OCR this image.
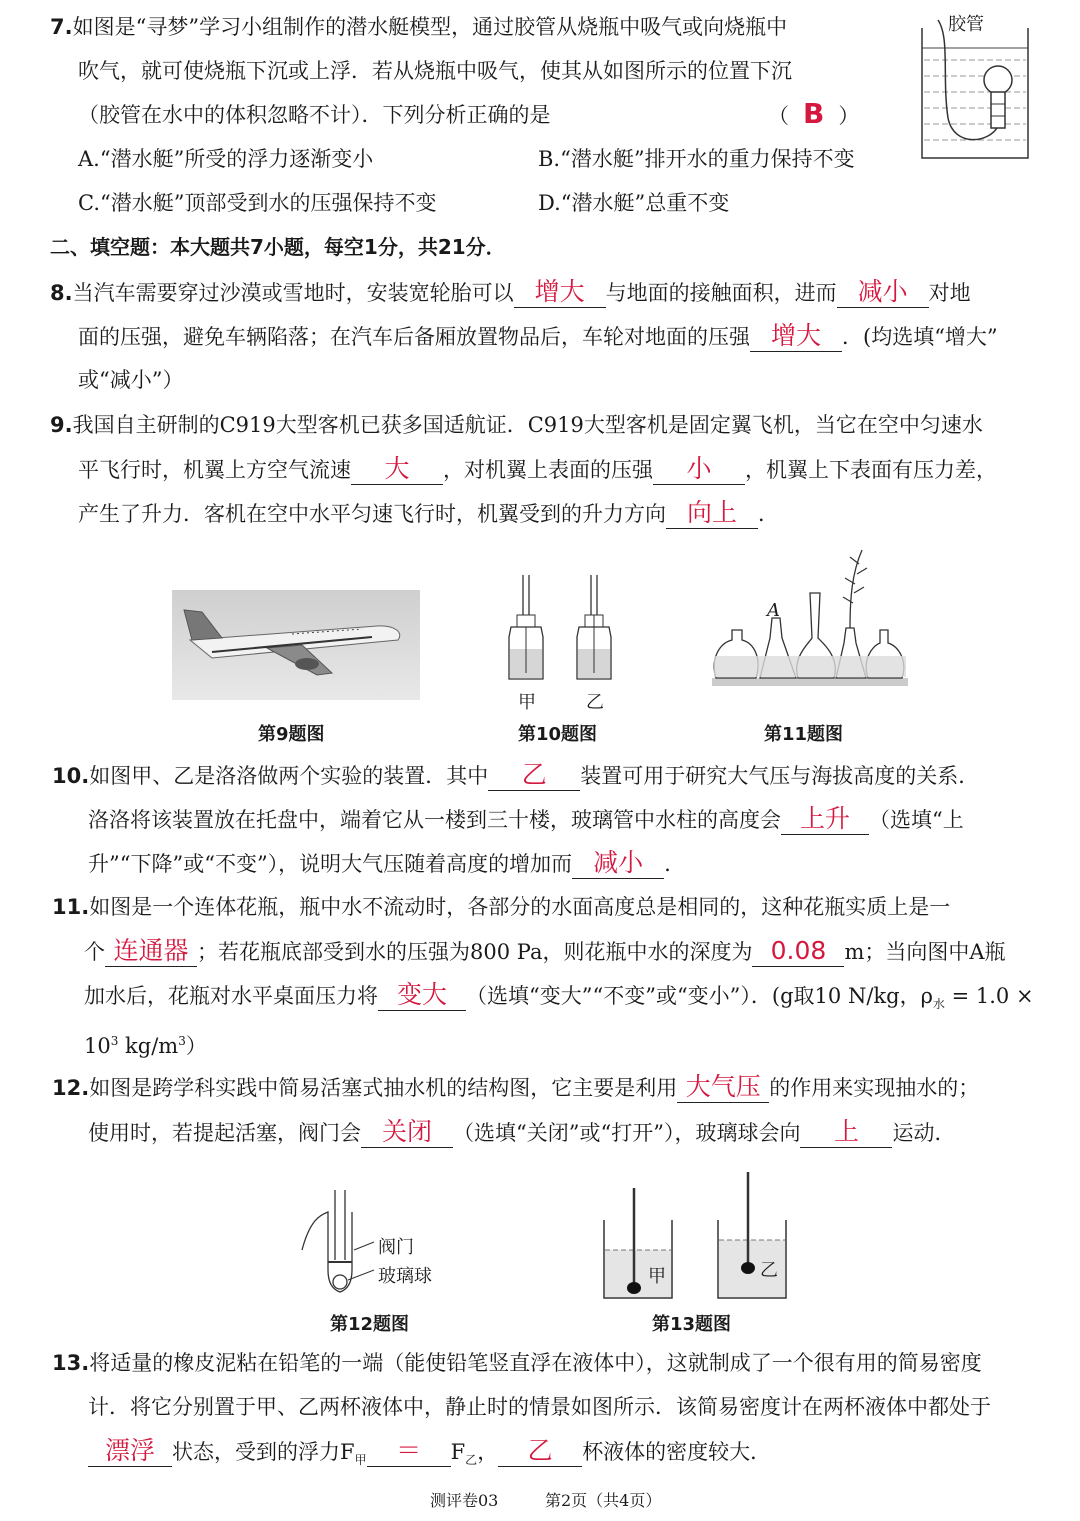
7.如图是“寻梦”学习小组制作的潜水艇模型，通过胶管从烧瓶中吸气或向烧瓶中
吹气，就可使烧瓶下沉或上浮．若从烧瓶中吸气，使其从如图所示的位置下沉
（胶管在水中的体积忽略不计）．下列分析正确的是	（ B ）
A.“潜水艇”所受的浮力逐渐变小	B.“潜水艇”排开水的重力保持不变
C.“潜水艇”顶部受到水的压强保持不变	D.“潜水艇”总重不变
胶管
二、填空题：本大题共7小题，每空1分，共21分．
8.当汽车需要穿过沙漠或雪地时，安装宽轮胎可以 增大 与地面的接触面积，进而 减小 对地
面的压强，避免车辆陷落；在汽车后备厢放置物品后，车轮对地面的压强 增大 ．(均选填“增大”
或“减小”）
9.我国自主研制的C919大型客机已获多国适航证．C919大型客机是固定翼飞机，当它在空中匀速水
平飞行时，机翼上方空气流速 大 ，对机翼上表面的压强 小 ，机翼上下表面有压力差，
产生了升力．客机在空中水平匀速飞行时，机翼受到的升力方向 向上 ．
第9题图
甲	乙
第10题图
A
第11题图
10.如图甲、乙是洛洛做两个实验的装置．其中 乙 装置可用于研究大气压与海拔高度的关系．
洛洛将该装置放在托盘中，端着它从一楼到三十楼，玻璃管中水柱的高度会 上升 （选填“上
升”“下降”或“不变”），说明大气压随着高度的增加而 减小 ．
11.如图是一个连体花瓶，瓶中水不流动时，各部分的水面高度总是相同的，这种花瓶实质上是一
个 连通器 ；若花瓶底部受到水的压强为800 Pa，则花瓶中水的深度为 0.08 m；当向图中A瓶
加水后，花瓶对水平桌面压力将 变大 （选填“变大”“不变”或“变小”）．(g取10 N/kg，$\rho_水 = 1.0$ ×
$10^3$ $kg/m^3$）
12.如图是跨学科实践中简易活塞式抽水机的结构图，它主要是利用 大气压 的作用来实现抽水的；
使用时，若提起活塞，阀门会 关闭 （选填“关闭”或“打开”），玻璃球会向 上 运动．
阀门
玻璃球
第12题图
甲	乙
第13题图
13.将适量的橡皮泥粘在铅笔的一端（能使铅笔竖直浮在液体中），这就制成了一个很有用的简易密度
计．将它分别置于甲、乙两杯液体中，静止时的情景如图所示．该简易密度计在两杯液体中都处于
漂浮 状态，受到的浮力$F_甲 = F_乙$， 乙 杯液体的密度较大．
测评卷03	第2页（共4页）
